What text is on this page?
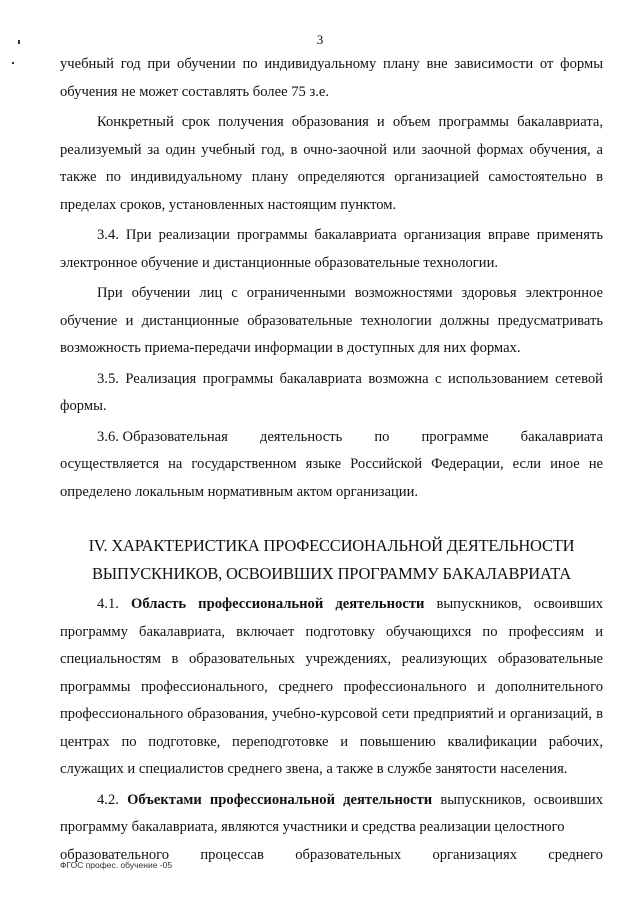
3

учебный год при обучении по индивидуальному плану вне зависимости от формы обучения не может составлять более 75 з.е.

Конкретный срок получения образования и объем программы бакалавриата, реализуемый за один учебный год, в очно-заочной или заочной формах обучения, а также по индивидуальному плану определяются организацией самостоятельно в пределах сроков, установленных настоящим пунктом.

3.4. При реализации программы бакалавриата организация вправе применять электронное обучение и дистанционные образовательные технологии.

При обучении лиц с ограниченными возможностями здоровья электронное обучение и дистанционные образовательные технологии должны предусматривать возможность приема-передачи информации в доступных для них формах.

3.5. Реализация программы бакалавриата возможна с использованием сетевой формы.

3.6. Образовательная деятельность по программе бакалавриата

осуществляется на государственном языке Российской Федерации, если иное не определено локальным нормативным актом организации.

IV. ХАРАКТЕРИСТИКА ПРОФЕССИОНАЛЬНОЙ ДЕЯТЕЛЬНОСТИ
ВЫПУСКНИКОВ, ОСВОИВШИХ ПРОГРАММУ БАКАЛАВРИАТА

4.1. Область профессиональной деятельности выпускников, освоивших программу бакалавриата, включает подготовку обучающихся по профессиям и специальностям в образовательных учреждениях, реализующих образовательные программы профессионального, среднего профессионального и дополнительного профессионального образования, учебно-курсовой сети предприятий и организаций, в центрах по подготовке, переподготовке и повышению квалификации рабочих, служащих и специалистов среднего звена, а также в службе занятости населения.

4.2. Объектами профессиональной деятельности выпускников, освоивших программу бакалавриата, являются участники и средства реализации целостного

образовательного процессав образовательных организациях среднего
ФГОС профес. обучение -05
